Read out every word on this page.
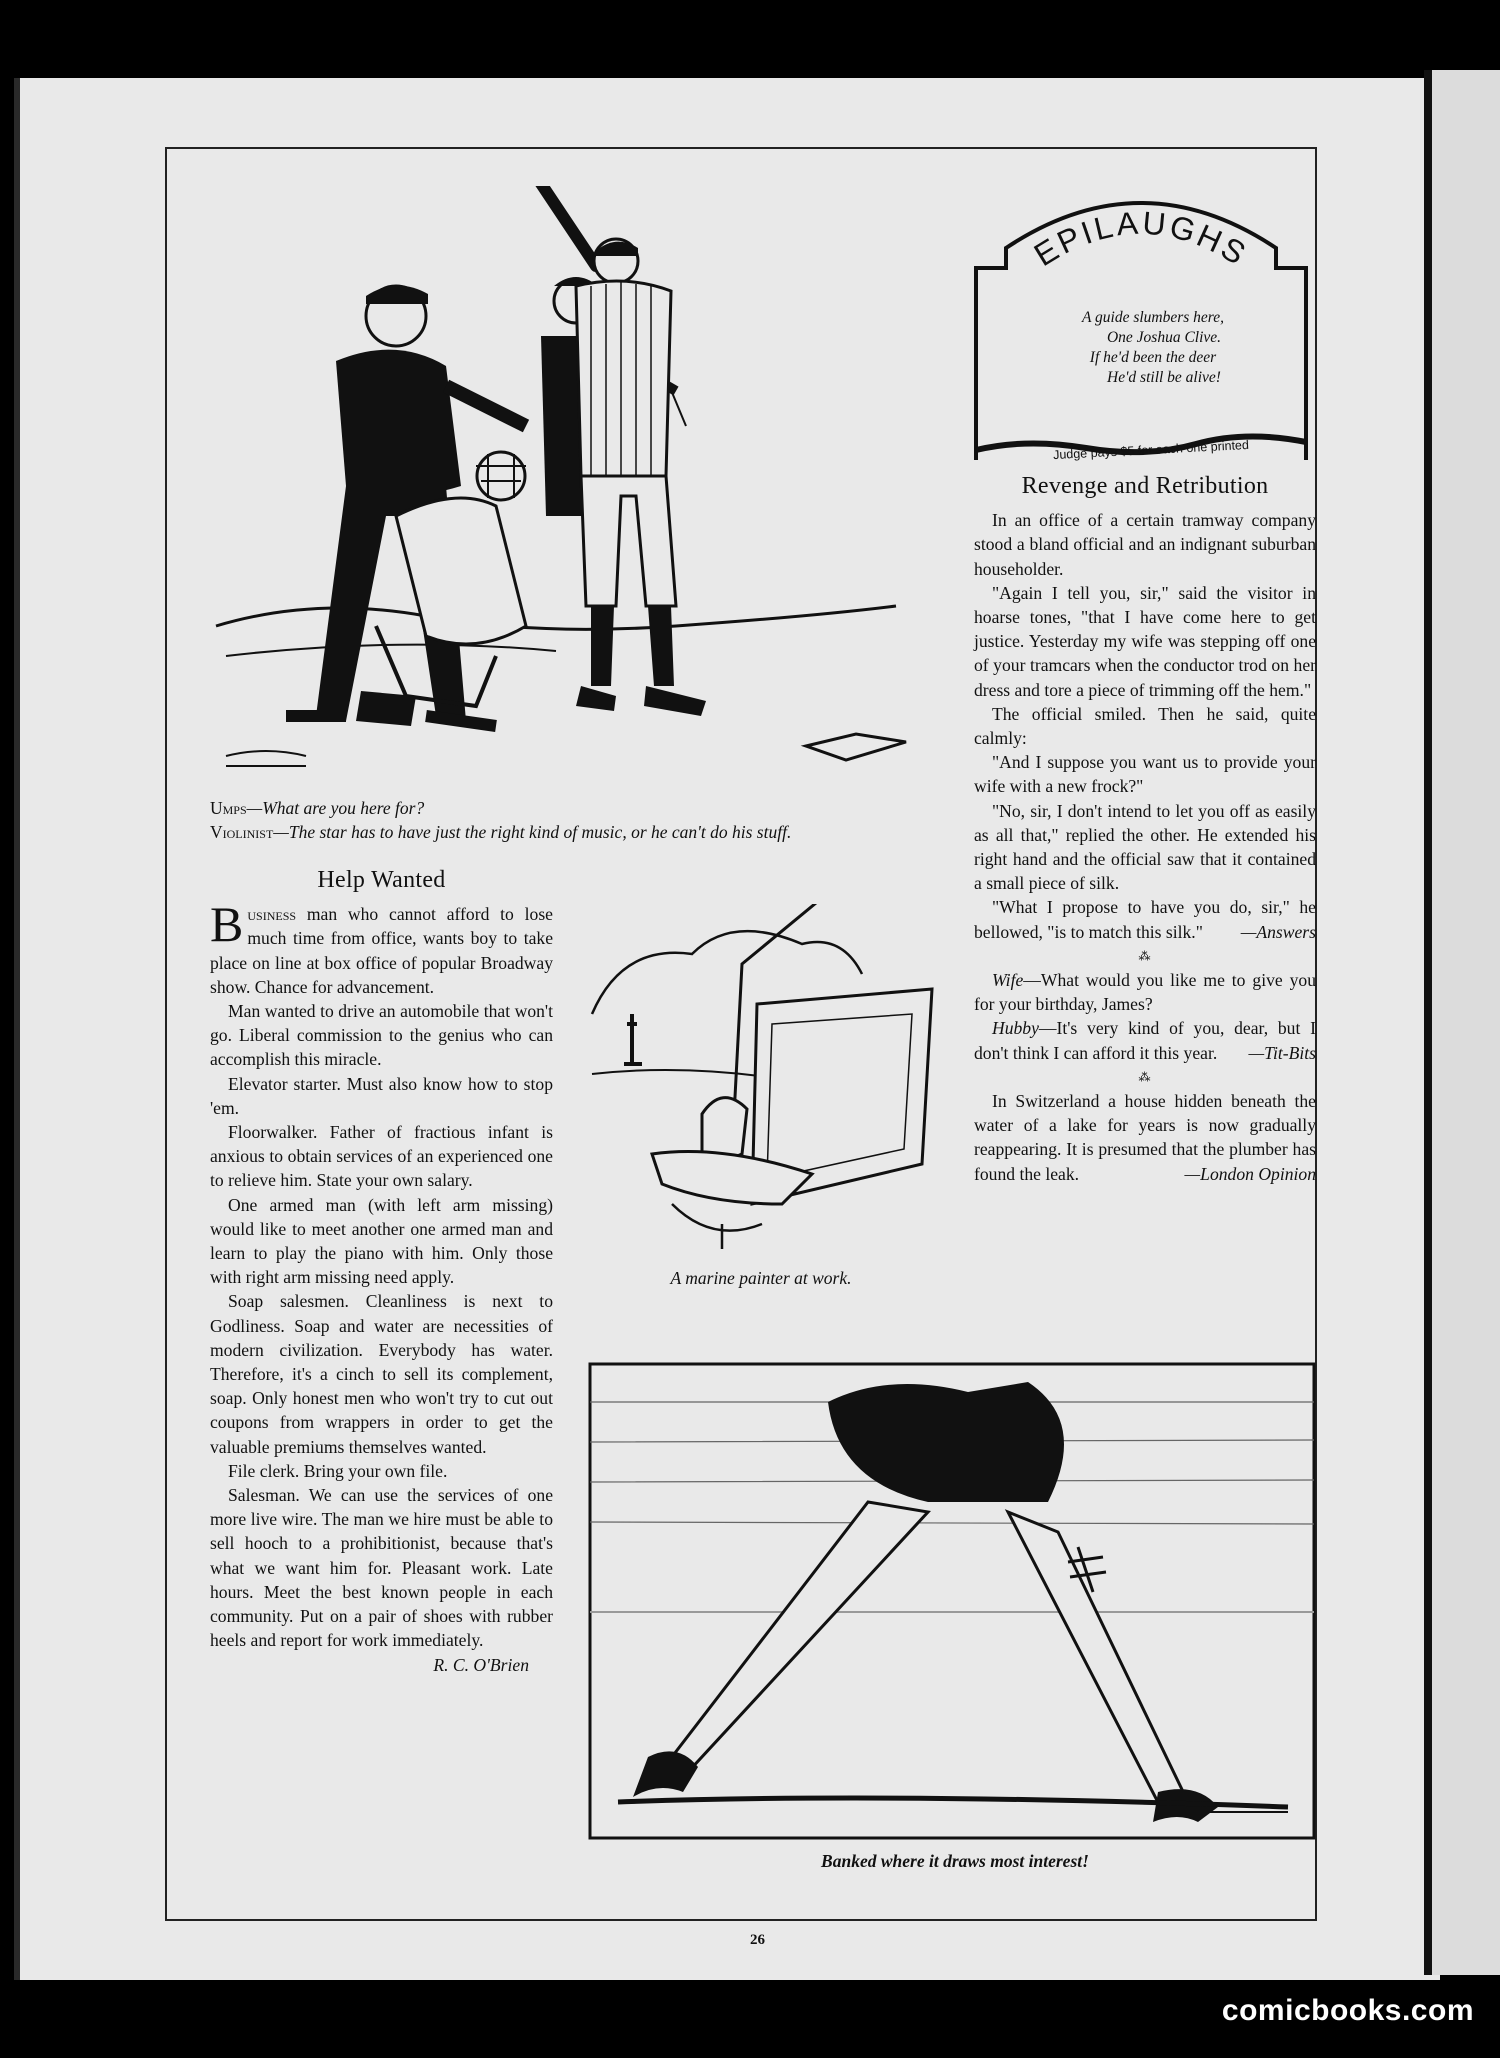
Umps—What are you here for?
Violinist—The star has to have just the right kind of music, or he can't do his stuff.
EPILAUGHS
A guide slumbers here,
One Joshua Clive.
If he'd been the deer
He'd still be alive!
Judge pays $5 for each one printed
Help Wanted

Business man who cannot afford to lose much time from office, wants boy to take place on line at box office of popular Broadway show. Chance for advancement.

Man wanted to drive an automobile that won't go. Liberal commission to the genius who can accomplish this miracle.

Elevator starter. Must also know how to stop 'em.

Floorwalker. Father of fractious infant is anxious to obtain services of an experienced one to relieve him. State your own salary.

One armed man (with left arm missing) would like to meet another one armed man and learn to play the piano with him. Only those with right arm missing need apply.

Soap salesmen. Cleanliness is next to Godliness. Soap and water are necessities of modern civilization. Everybody has water. Therefore, it's a cinch to sell its complement, soap. Only honest men who won't try to cut out coupons from wrappers in order to get the valuable premiums themselves wanted.

File clerk. Bring your own file.

Salesman. We can use the services of one more live wire. The man we hire must be able to sell hooch to a prohibitionist, because that's what we want him for. Pleasant work. Late hours. Meet the best known people in each community. Put on a pair of shoes with rubber heels and report for work immediately.

R. C. O'Brien

Revenge and Retribution

In an office of a certain tramway company stood a bland official and an indignant suburban householder.

"Again I tell you, sir," said the visitor in hoarse tones, "that I have come here to get justice. Yesterday my wife was stepping off one of your tramcars when the conductor trod on her dress and tore a piece of trimming off the hem."

The official smiled. Then he said, quite calmly:

"And I suppose you want us to provide your wife with a new frock?"

"No, sir, I don't intend to let you off as easily as all that," replied the other. He extended his right hand and the official saw that it contained a small piece of silk.

"What I propose to have you do, sir," he bellowed, "is to match this silk."	—Answers

⁂

Wife—What would you like me to give you for your birthday, James?

Hubby—It's very kind of you, dear, but I don't think I can afford it this year.	—Tit-Bits

⁂

In Switzerland a house hidden beneath the water of a lake for years is now gradually reappearing. It is presumed that the plumber has found the leak.	—London Opinion

A marine painter at work.
Banked where it draws most interest!
26
comicbooks.com
